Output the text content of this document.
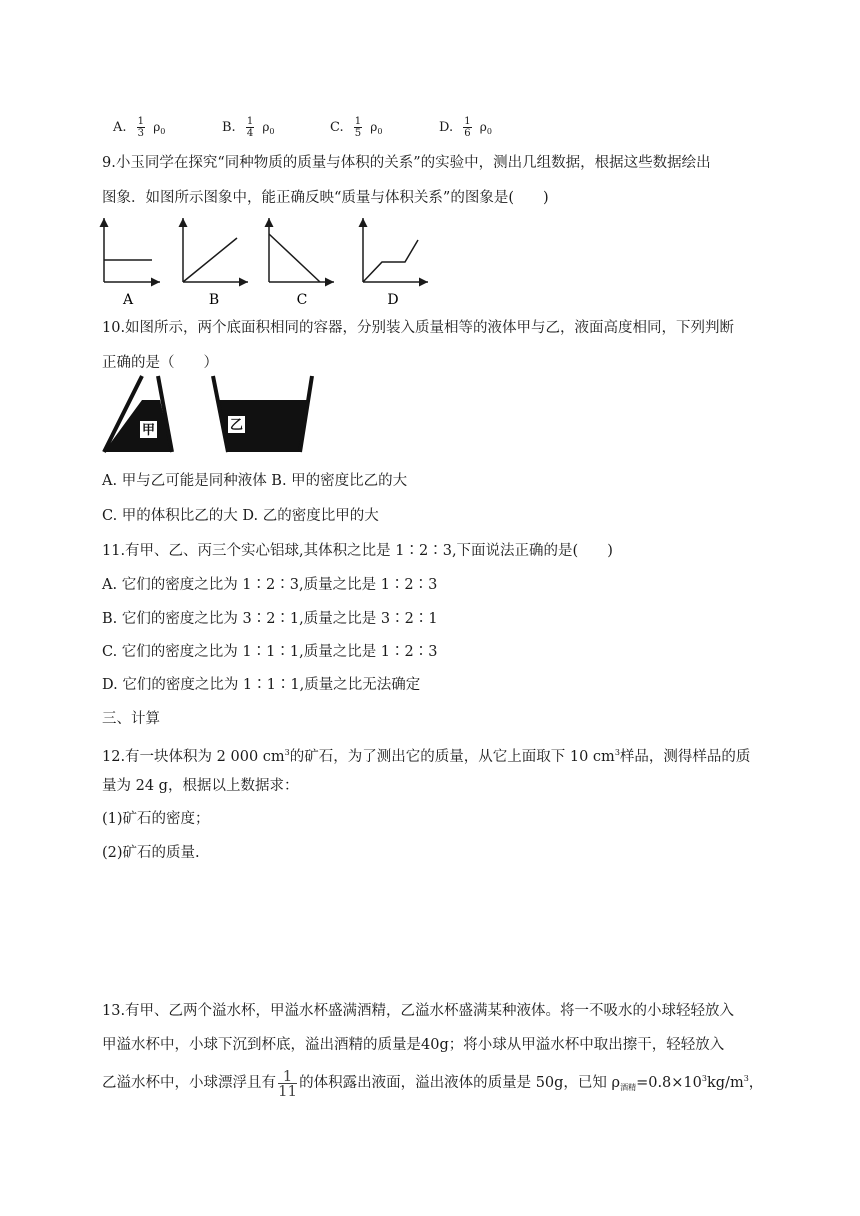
A. $\frac{1}{3} \rho_0$	B. $\frac{1}{4} \rho_0$	C. $\frac{1}{5} \rho_0$	D. $\frac{1}{6} \rho_0$
9.小玉同学在探究“同种物质的质量与体积的关系”的实验中，测出几组数据，根据这些数据绘出
图象．如图所示图象中，能正确反映“质量与体积关系”的图象是(　　)
A	B	C	D
10.如图所示，两个底面积相同的容器，分别装入质量相等的液体甲与乙，液面高度相同，下列判断
正确的是（　　）
甲	乙
A. 甲与乙可能是同种液体 B. 甲的密度比乙的大
C. 甲的体积比乙的大 D. 乙的密度比甲的大
11.有甲、乙、丙三个实心铝球,其体积之比是 1∶2∶3,下面说法正确的是(　　)
A. 它们的密度之比为 1∶2∶3,质量之比是 1∶2∶3
B. 它们的密度之比为 3∶2∶1,质量之比是 3∶2∶1
C. 它们的密度之比为 1∶1∶1,质量之比是 1∶2∶3
D. 它们的密度之比为 1∶1∶1,质量之比无法确定
三、计算
12.有一块体积为 2 000 $cm^3$的矿石，为了测出它的质量，从它上面取下 10 $cm^3$样品，测得样品的质
量为 24 g，根据以上数据求：
(1)矿石的密度；
(2)矿石的质量.
13.有甲、乙两个溢水杯，甲溢水杯盛满酒精，乙溢水杯盛满某种液体。将一不吸水的小球轻轻放入
甲溢水杯中，小球下沉到杯底，溢出酒精的质量是40g；将小球从甲溢水杯中取出擦干，轻轻放入
乙溢水杯中，小球漂浮且有 $\frac{1}{11}$ 的体积露出液面，溢出液体的质量是 50g，已知 $\rho_{酒精}=0.8\times 10^3kg/m^3$，
